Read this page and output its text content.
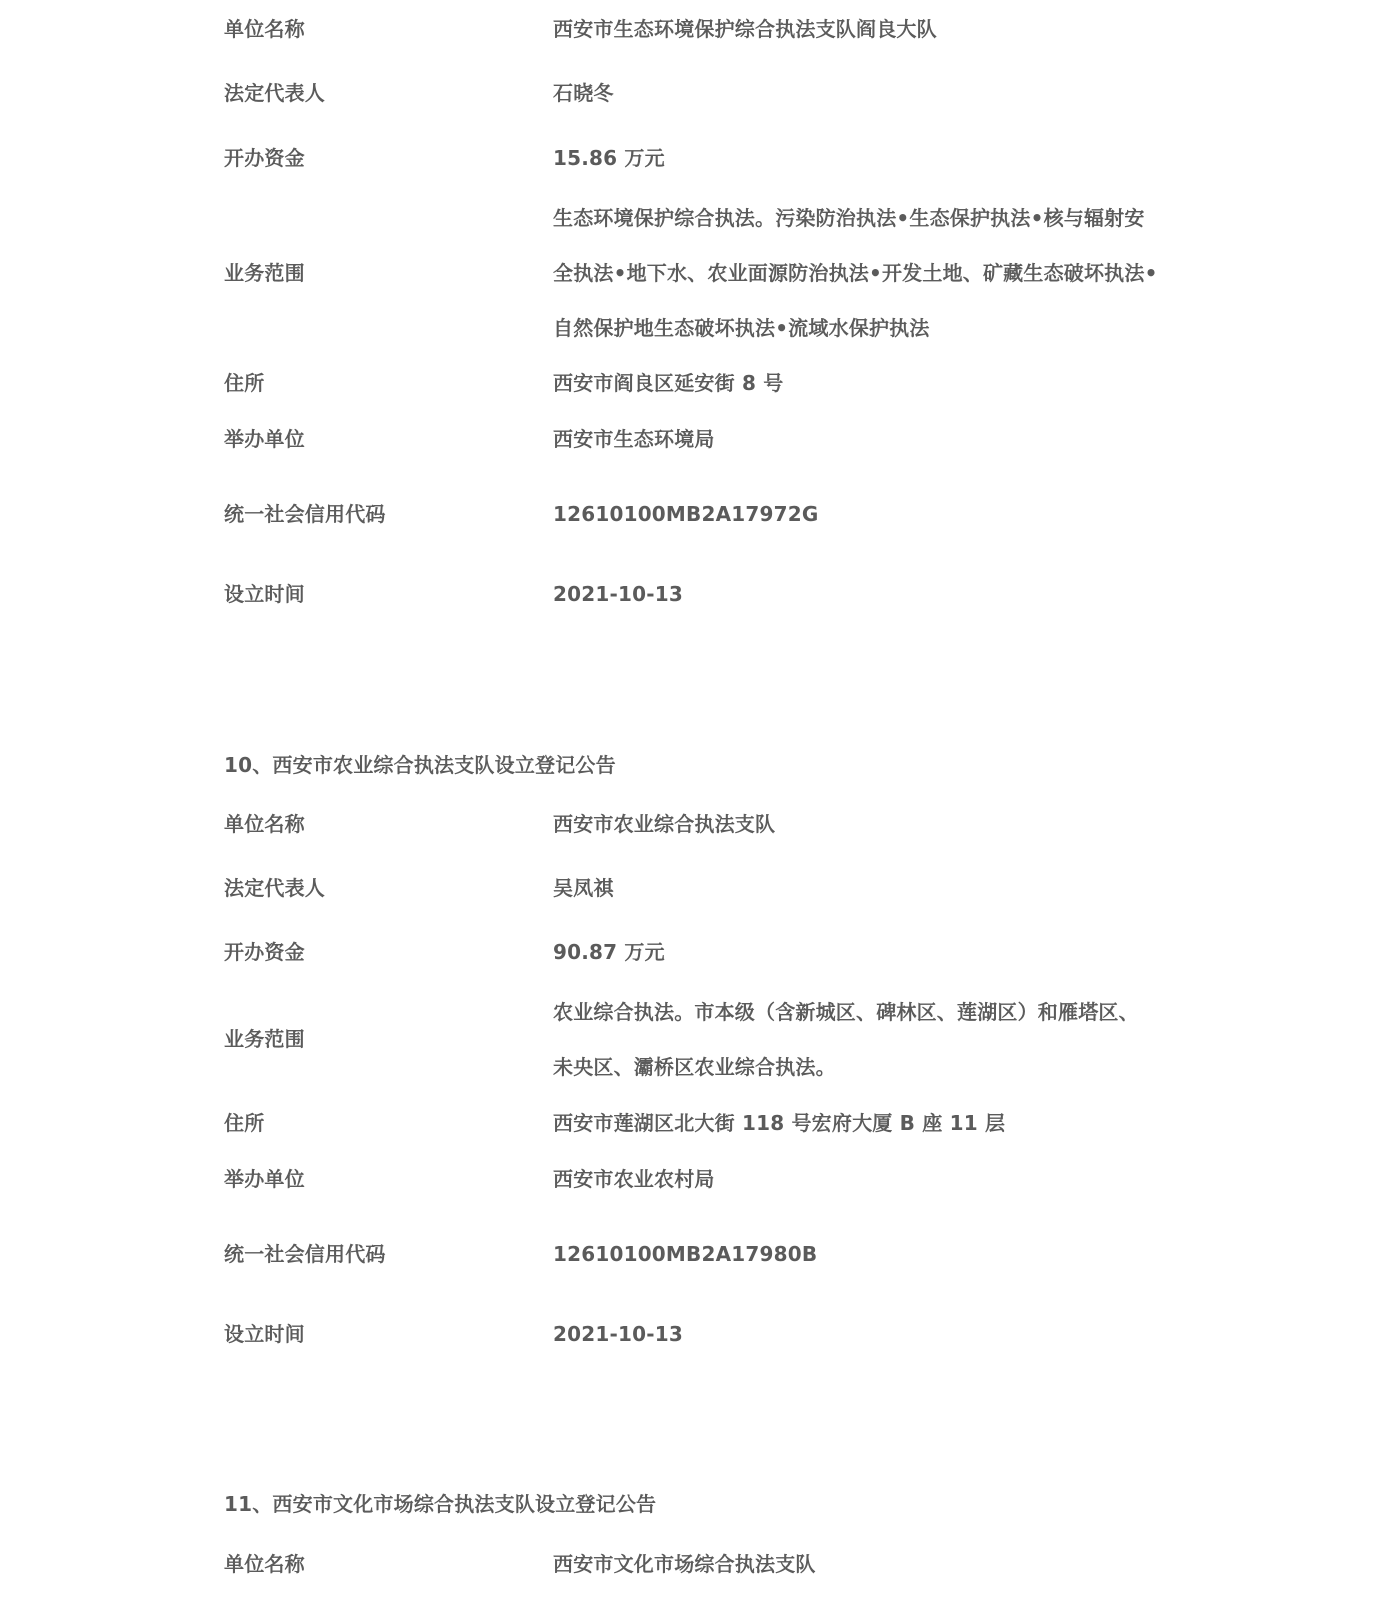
单位名称	西安市生态环境保护综合执法支队阎良大队
法定代表人	石晓冬
开办资金	15.86 万元
业务范围
生态环境保护综合执法。污染防治执法•生态保护执法•核与辐射安
全执法•地下水、农业面源防治执法•开发土地、矿藏生态破坏执法•
自然保护地生态破坏执法•流域水保护执法
住所	西安市阎良区延安街 8 号
举办单位	西安市生态环境局
统一社会信用代码	12610100MB2A17972G
设立时间	2021-10-13
10、西安市农业综合执法支队设立登记公告
单位名称	西安市农业综合执法支队
法定代表人	吴凤祺
开办资金	90.87 万元
业务范围
农业综合执法。市本级（含新城区、碑林区、莲湖区）和雁塔区、
未央区、灞桥区农业综合执法。
住所	西安市莲湖区北大街 118 号宏府大厦 B 座 11 层
举办单位	西安市农业农村局
统一社会信用代码	12610100MB2A17980B
设立时间	2021-10-13
11、西安市文化市场综合执法支队设立登记公告
单位名称	西安市文化市场综合执法支队
